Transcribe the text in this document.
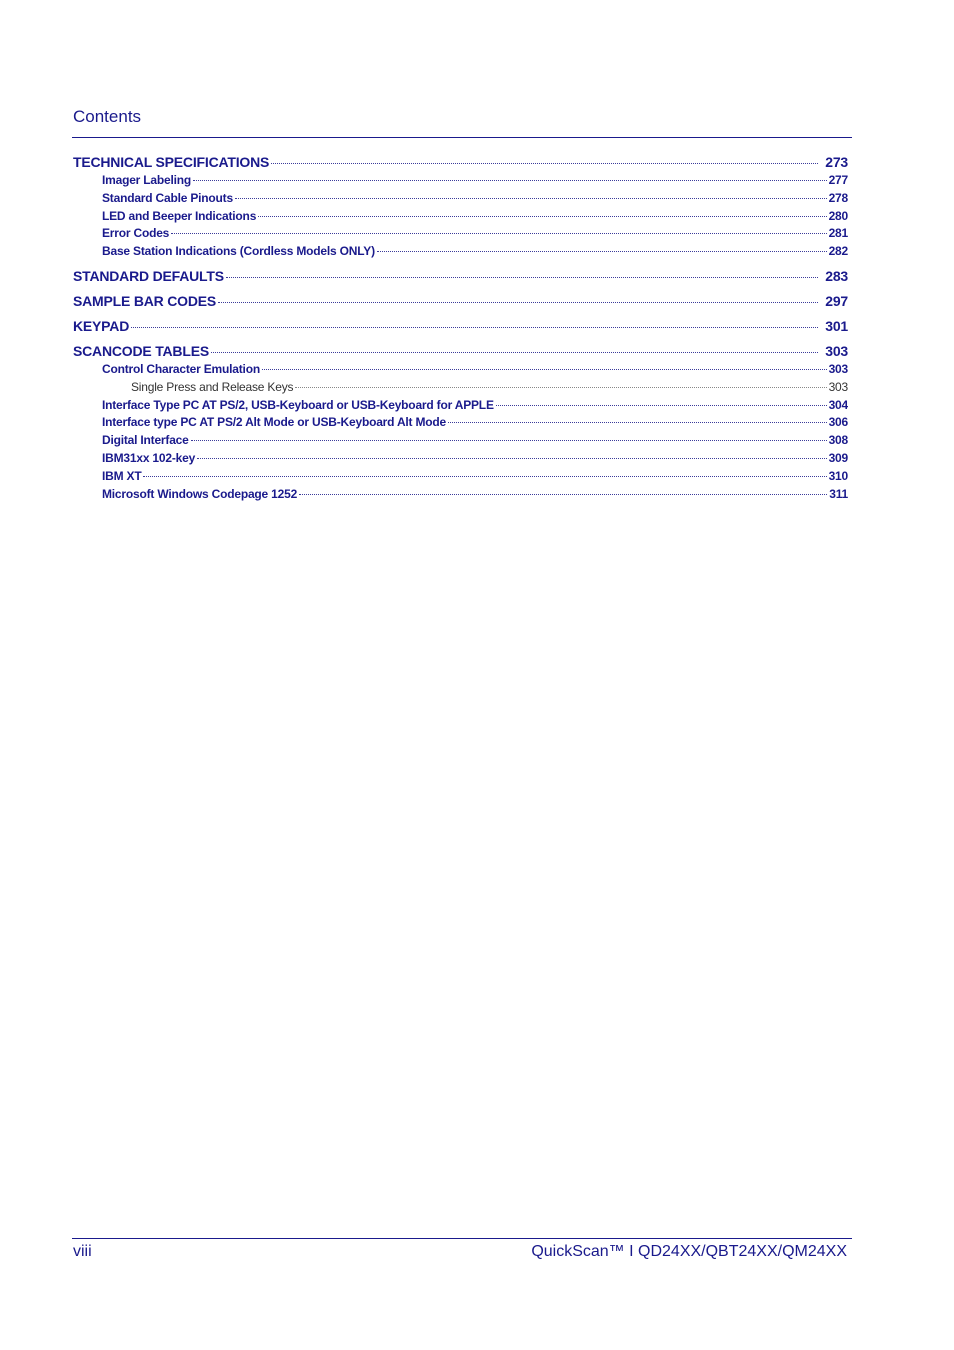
Contents
TECHNICAL SPECIFICATIONS	273
Imager Labeling	277
Standard Cable Pinouts	278
LED and Beeper Indications	280
Error Codes	281
Base Station Indications (Cordless Models ONLY)	282
STANDARD DEFAULTS	283
SAMPLE BAR CODES	297
KEYPAD	301
SCANCODE TABLES	303
Control Character Emulation	303
Single Press and Release Keys	303
Interface Type PC AT PS/2, USB-Keyboard or USB-Keyboard for APPLE	304
Interface type PC AT PS/2 Alt Mode or USB-Keyboard Alt Mode	306
Digital Interface	308
IBM31xx 102-key	309
IBM XT	310
Microsoft Windows Codepage 1252	311
viii	QuickScan™ I QD24XX/QBT24XX/QM24XX
